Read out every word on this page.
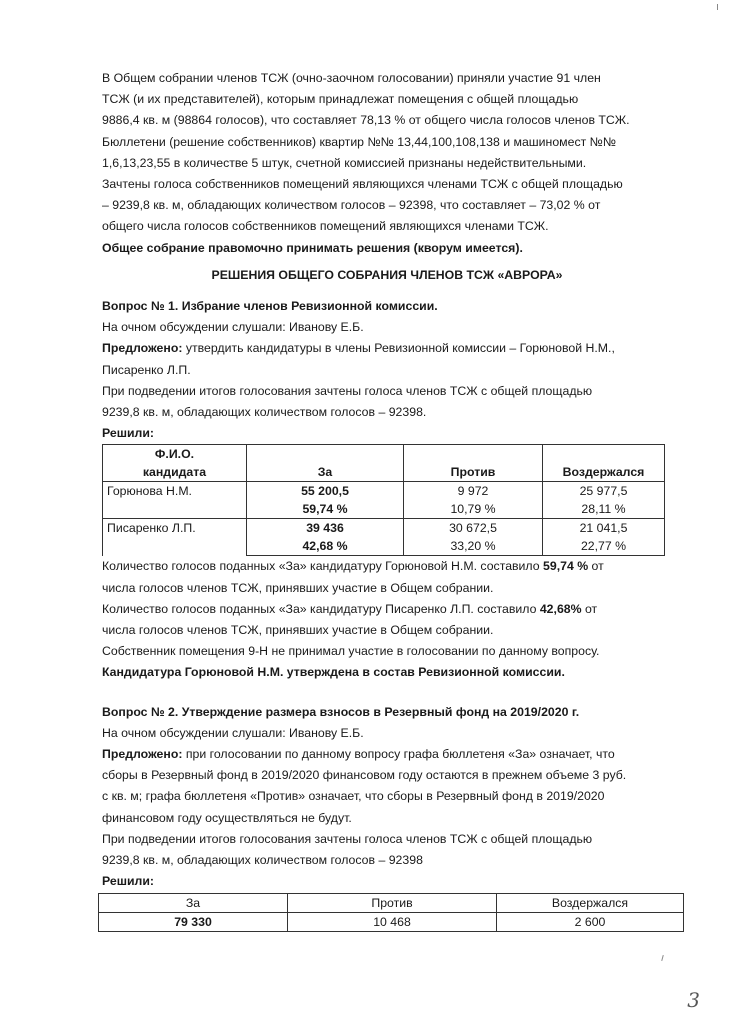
В Общем собрании членов ТСЖ (очно-заочном голосовании) приняли участие 91 член

ТСЖ (и их представителей), которым принадлежат помещения с общей площадью

9886,4 кв. м (98864 голосов), что составляет 78,13 % от общего числа голосов членов ТСЖ.

Бюллетени (решение собственников) квартир №№ 13,44,100,108,138 и машиномест №№

1,6,13,23,55 в количестве 5 штук, счетной комиссией признаны недействительными.

Зачтены голоса собственников помещений являющихся членами ТСЖ с общей площадью

– 9239,8 кв. м, обладающих количеством голосов – 92398, что составляет – 73,02 % от

общего числа голосов собственников помещений являющихся членами ТСЖ.

Общее собрание правомочно принимать решения (кворум имеется).

РЕШЕНИЯ ОБЩЕГО СОБРАНИЯ ЧЛЕНОВ ТСЖ «АВРОРА»

Вопрос № 1. Избрание членов Ревизионной комиссии.

На очном обсуждении слушали: Иванову Е.Б.

Предложено: утвердить кандидатуры в члены Ревизионной комиссии – Горюновой Н.М.,

Писаренко Л.П.

При подведении итогов голосования зачтены голоса членов ТСЖ с общей площадью

9239,8 кв. м, обладающих количеством голосов – 92398.

Решили:

Ф.И.О.
кандидата	За	Против	Воздержался
Горюнова Н.М.	55 200,5	9 972	25 977,5
	59,74 %	10,79 %	28,11 %
Писаренко Л.П.	39 436	30 672,5	21 041,5
	42,68 %	33,20 %	22,77 %

Количество голосов поданных «За» кандидатуру Горюновой Н.М. составило 59,74 % от

числа голосов членов ТСЖ, принявших участие в Общем собрании.

Количество голосов поданных «За» кандидатуру Писаренко Л.П. составило 42,68% от

числа голосов членов ТСЖ, принявших участие в Общем собрании.

Собственник помещения 9-Н не принимал участие в голосовании по данному вопросу.

Кандидатура Горюновой Н.М. утверждена в состав Ревизионной комиссии.

Вопрос № 2. Утверждение размера взносов в Резервный фонд на 2019/2020 г.

На очном обсуждении слушали: Иванову Е.Б.

Предложено: при голосовании по данному вопросу графа бюллетеня «За» означает, что

сборы в Резервный фонд в 2019/2020 финансовом году остаются в прежнем объеме 3 руб.

с кв. м; графа бюллетеня «Против» означает, что сборы в Резервный фонд в 2019/2020

финансовом году осуществляться не будут.

При подведении итогов голосования зачтены голоса членов ТСЖ с общей площадью

9239,8 кв. м, обладающих количеством голосов – 92398

Решили:

За	Против	Воздержался
79 330	10 468	2 600
3
